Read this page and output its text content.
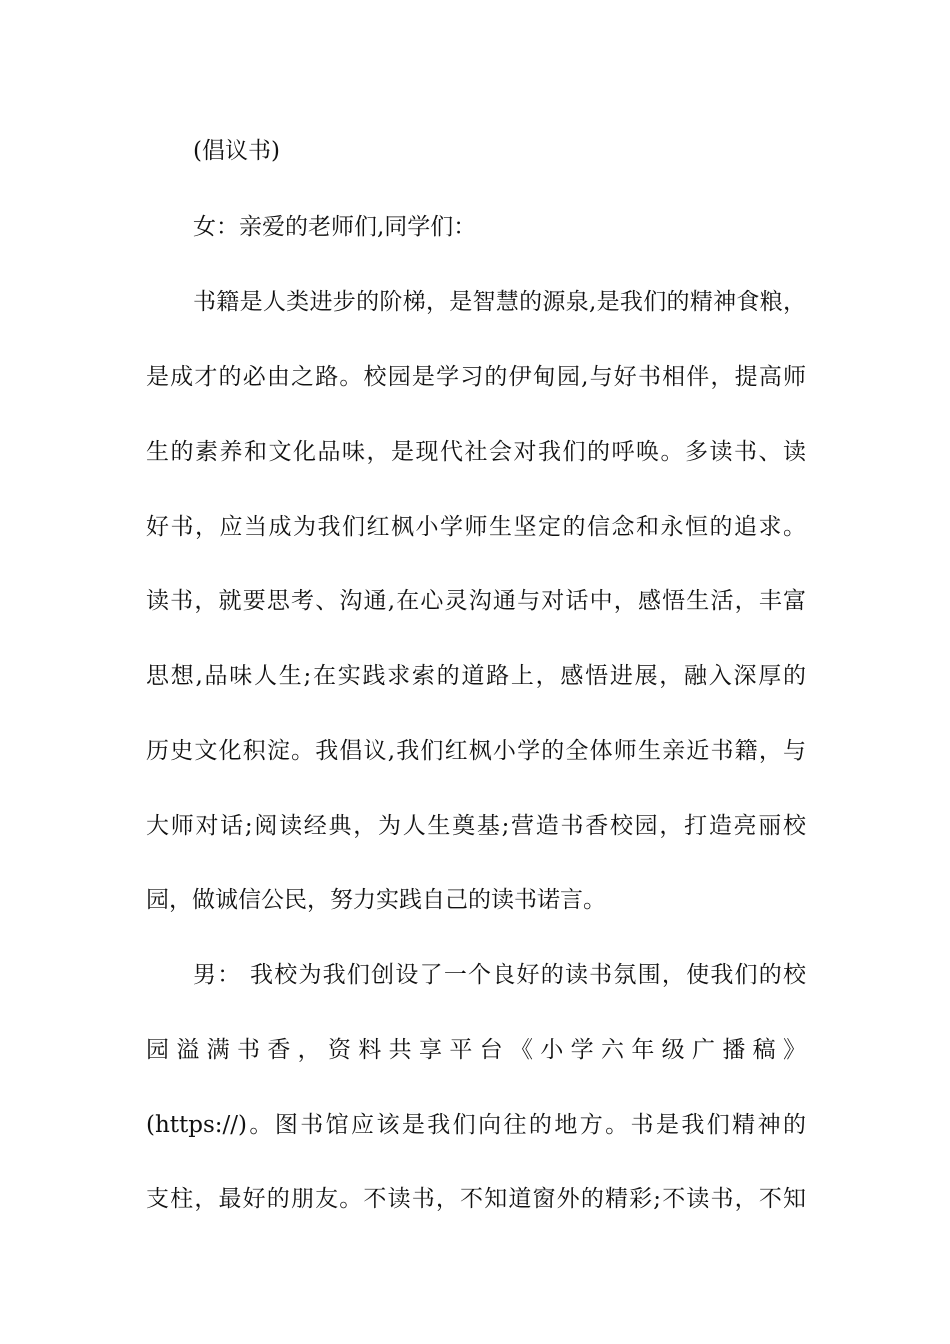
(倡议书)
女：亲爱的老师们,同学们：
书籍是人类进步的阶梯，是智慧的源泉,是我们的精神食粮，
是成才的必由之路。校园是学习的伊甸园,与好书相伴，提高师
生的素养和文化品味，是现代社会对我们的呼唤。多读书、读
好书，应当成为我们红枫小学师生坚定的信念和永恒的追求。
读书，就要思考、沟通,在心灵沟通与对话中，感悟生活，丰富
思想,品味人生;在实践求索的道路上，感悟进展，融入深厚的
历史文化积淀。我倡议,我们红枫小学的全体师生亲近书籍，与
大师对话;阅读经典，为人生奠基;营造书香校园，打造亮丽校
园，做诚信公民，努力实践自己的读书诺言。
男： 我校为我们创设了一个良好的读书氛围，使我们的校
园溢满书香，资料共享平台《小学六年级广播稿》
(https://)。图书馆应该是我们向往的地方。书是我们精神的
支柱，最好的朋友。不读书，不知道窗外的精彩;不读书，不知
